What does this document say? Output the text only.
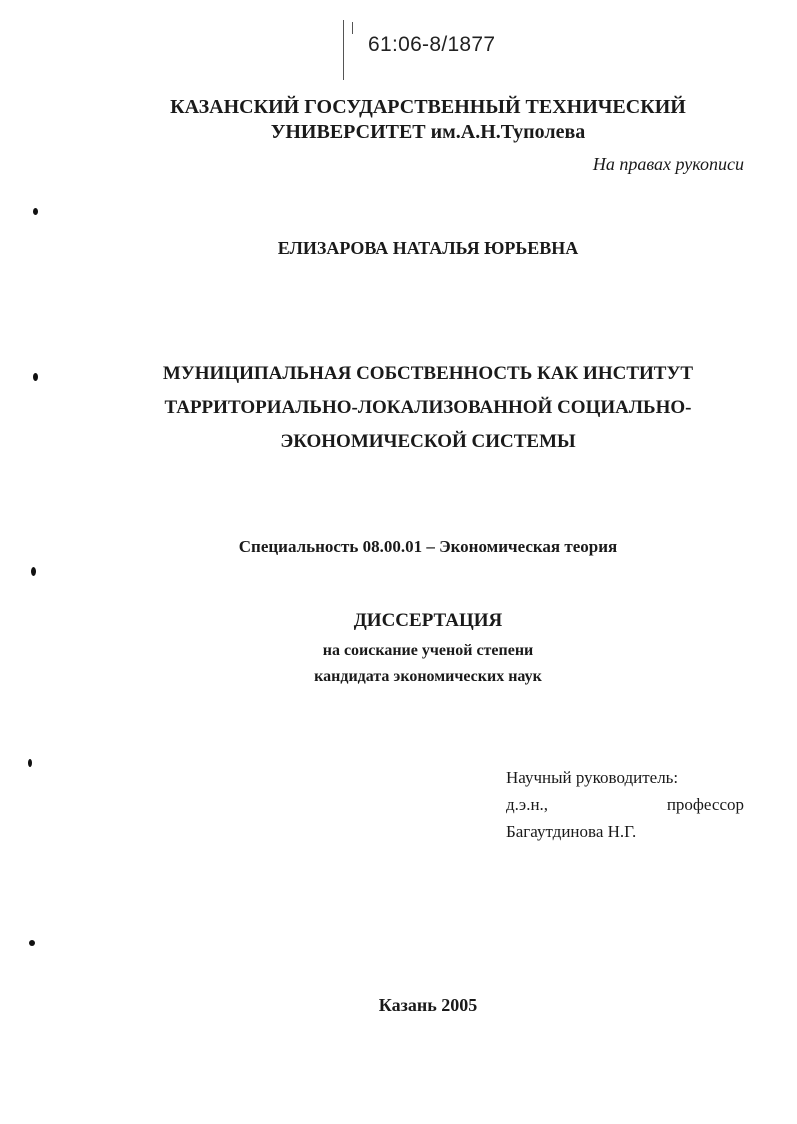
61:06-8/1877
КАЗАНСКИЙ ГОСУДАРСТВЕННЫЙ ТЕХНИЧЕСКИЙ
УНИВЕРСИТЕТ им.А.Н.Туполева
На правах рукописи
ЕЛИЗАРОВА НАТАЛЬЯ ЮРЬЕВНА
МУНИЦИПАЛЬНАЯ СОБСТВЕННОСТЬ КАК ИНСТИТУТ
ТАРРИТОРИАЛЬНО-ЛОКАЛИЗОВАННОЙ СОЦИАЛЬНО-
ЭКОНОМИЧЕСКОЙ СИСТЕМЫ
Специальность 08.00.01 – Экономическая теория
ДИССЕРТАЦИЯ
на соискание ученой степени
кандидата экономических наук
Научный руководитель:
д.э.н.,	профессор
Багаутдинова Н.Г.
Казань 2005
